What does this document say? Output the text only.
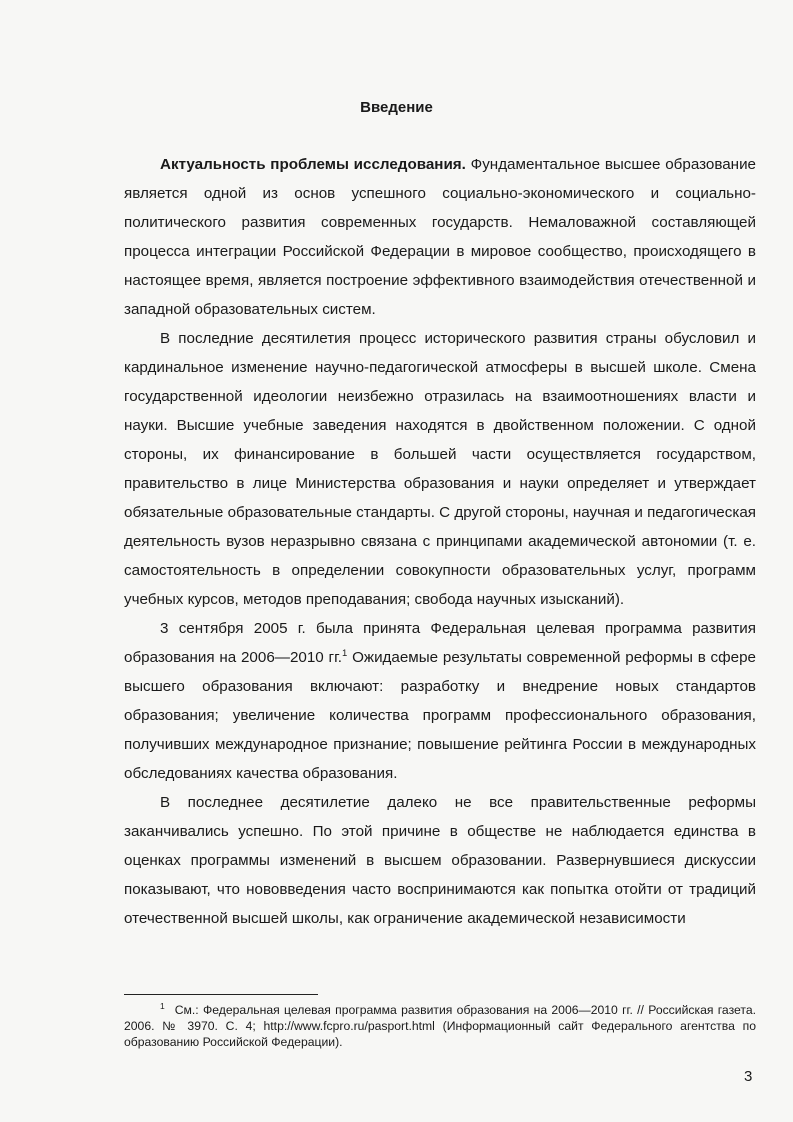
Введение

Актуальность проблемы исследования. Фундаментальное высшее образование является одной из основ успешного социально-экономического и социально-политического развития современных государств. Немаловажной составляющей процесса интеграции Российской Федерации в мировое сообщество, происходящего в настоящее время, является построение эффективного взаимодействия отечественной и западной образовательных систем.

В последние десятилетия процесс исторического развития страны обусловил и кардинальное изменение научно-педагогической атмосферы в высшей школе. Смена государственной идеологии неизбежно отразилась на взаимоотношениях власти и науки. Высшие учебные заведения находятся в двойственном положении. С одной стороны, их финансирование в большей части осуществляется государством, правительство в лице Министерства образования и науки определяет и утверждает обязательные образовательные стандарты. С другой стороны, научная и педагогическая деятельность вузов неразрывно связана с принципами академической автономии (т. е. самостоятельность в определении совокупности образовательных услуг, программ учебных курсов, методов преподавания; свобода научных изысканий).

3 сентября 2005 г. была принята Федеральная целевая программа развития образования на 2006—2010 гг.$^1$ Ожидаемые результаты современной реформы в сфере высшего образования включают: разработку и внедрение новых стандартов образования; увеличение количества программ профессионального образования, получивших международное признание; повышение рейтинга России в международных обследованиях качества образования.

В последнее десятилетие далеко не все правительственные реформы заканчивались успешно. По этой причине в обществе не наблюдается единства в оценках программы изменений в высшем образовании. Развернувшиеся дискуссии показывают, что нововведения часто воспринимаются как попытка отойти от традиций отечественной высшей школы, как ограничение академической независимости

$^1$ См.: Федеральная целевая программа развития образования на 2006—2010 гг. // Российская газета. 2006. № 3970. С. 4; http://www.fcpro.ru/pasport.html (Информационный сайт Федерального агентства по образованию Российской Федерации).
3
